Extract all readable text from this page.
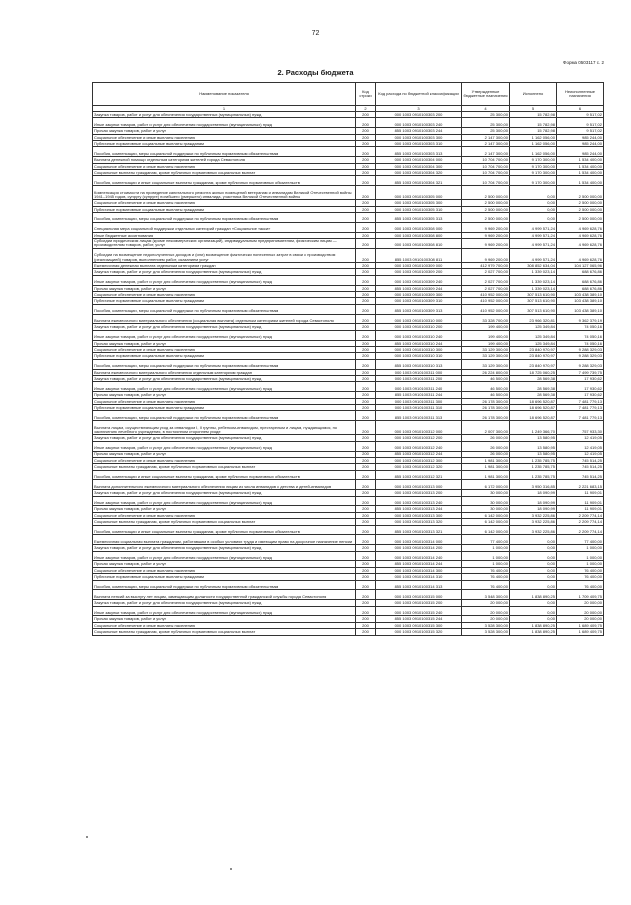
72
Форма 0503117 с. 2
2. Расходы бюджета
Наименование показателя	Код строки	Код расхода по бюджетной классификации	Утвержденные бюджетные назначения	Исполнено	Неисполненные назначения
1	2	3	4	5	6
Закупка товаров, работ и услуг для обеспечения государственных (муниципальных) нужд	200	000 1003 0910100303 200	25 300,00	15 782,98	9 517,02
Иные закупки товаров, работ и услуг для обеспечения государственных (муниципальных) нужд	200	000 1003 0910100303 240	25 300,00	15 782,98	9 517,02
Прочая закупка товаров, работ и услуг	200	855 1003 0910100303 244	25 300,00	15 782,98	9 517,02
Социальное обеспечение и иные выплаты населению	200	000 1003 0910100303 300	2 147 300,00	1 162 056,00	985 244,00
Публичные нормативные социальные выплаты гражданам	200	000 1003 0910100303 310	2 147 300,00	1 162 056,00	985 244,00
Пособия, компенсации, меры социальной поддержки по публичным нормативным обязательствам	200	855 1003 0910100303 313	2 147 300,00	1 162 056,00	985 244,00
Выплата денежной помощи отдельным категориям жителей города Севастополя	200	000 1003 0910100304 000	10 704 700,00	9 170 300,00	1 534 400,00
Социальное обеспечение и иные выплаты населению	200	000 1003 0910100304 300	10 704 700,00	9 170 300,00	1 534 400,00
Социальные выплаты гражданам, кроме публичных нормативных социальных выплат	200	000 1003 0910100304 320	10 704 700,00	9 170 300,00	1 534 400,00
Пособия, компенсации и иные социальные выплаты гражданам, кроме публичных нормативных обязательств	200	855 1003 0910100304 321	10 704 700,00	9 170 300,00	1 534 400,00
Компенсация стоимости на проведение капитального ремонта жилых помещений ветеранам и инвалидам Великой Отечественной войны 1941–1945 годов, супругу (супруге) погибшего (умершего) инвалида, участника Великой Отечественной войны	200	000 1003 0910100305 000	2 500 000,00	0,00	2 500 000,00
Социальное обеспечение и иные выплаты населению	200	000 1003 0910100305 300	2 500 000,00	0,00	2 500 000,00
Публичные нормативные социальные выплаты гражданам	200	000 1003 0910100305 310	2 500 000,00	0,00	2 500 000,00
Пособия, компенсации, меры социальной поддержки по публичным нормативным обязательствам	200	855 1003 0910100305 313	2 500 000,00	0,00	2 500 000,00
Специальная мера социальной поддержки отдельных категорий граждан «Социальное такси»	200	000 1003 0910100308 000	9 969 200,00	4 999 571,24	4 969 628,76
Иные бюджетные ассигнования	200	000 1003 0910100308 800	9 969 200,00	4 999 571,24	4 969 628,76
Субсидии юридическим лицам (кроме некоммерческих организаций), индивидуальным предпринимателям, физическим лицам — производителям товаров, работ, услуг	200	000 1003 0910100308 810	9 969 200,00	4 999 571,24	4 969 628,76
Субсидии на возмещение недополученных доходов и (или) возмещение фактически понесенных затрат в связи с производством (реализацией) товаров, выполнением работ, оказанием услуг	200	855 1003 0910100308 811	9 969 200,00	4 999 571,24	4 969 628,76
Ежемесячная денежная выплата отдельным категориям граждан	200	000 1003 0910100309 000	412 979 700,00	308 852 634,04	104 127 065,96
Закупка товаров, работ и услуг для обеспечения государственных (муниципальных) нужд	200	000 1003 0910100309 200	2 027 700,00	1 339 023,14	688 676,86
Иные закупки товаров, работ и услуг для обеспечения государственных (муниципальных) нужд	200	000 1003 0910100309 240	2 027 700,00	1 339 023,14	688 676,86
Прочая закупка товаров, работ и услуг	200	855 1003 0910100309 244	2 027 700,00	1 339 023,14	688 676,86
Социальное обеспечение и иные выплаты населению	200	000 1003 0910100309 300	410 952 000,00	307 513 610,90	103 438 389,10
Публичные нормативные социальные выплаты гражданам	200	000 1003 0910100309 310	410 952 000,00	307 513 610,90	103 438 389,10
Пособия, компенсации, меры социальной поддержки по публичным нормативным обязательствам	200	855 1003 0910100309 313	410 952 000,00	307 513 610,90	103 438 389,10
Выплата ежемесячного материального обеспечения (социальная выплата) отдельным категориям жителей города Севастополя	200	000 1003 0910100310 000	33 328 700,00	23 966 320,81	9 362 379,19
Закупка товаров, работ и услуг для обеспечения государственных (муниципальных) нужд	200	000 1003 0910100310 200	199 400,00	125 349,84	74 050,16
Иные закупки товаров, работ и услуг для обеспечения государственных (муниципальных) нужд	200	000 1003 0910100310 240	199 400,00	125 349,84	74 050,16
Прочая закупка товаров, работ и услуг	200	855 1003 0910100310 244	199 400,00	125 349,84	74 050,16
Социальное обеспечение и иные выплаты населению	200	000 1003 0910100310 300	33 129 300,00	23 840 970,97	9 288 329,03
Публичные нормативные социальные выплаты гражданам	200	000 1003 0910100310 310	33 129 300,00	23 840 970,97	9 288 329,03
Пособия, компенсации, меры социальной поддержки по публичным нормативным обязательствам	200	855 1003 0910100310 313	33 129 300,00	23 840 970,97	9 288 329,03
Выплата ежемесячного материального обеспечения отдельным категориям граждан	200	000 1003 0910100311 000	26 224 800,00	18 725 060,25	7 499 739,75
Закупка товаров, работ и услуг для обеспечения государственных (муниципальных) нужд	200	000 1003 0910100311 200	46 500,00	28 569,38	17 930,62
Иные закупки товаров, работ и услуг для обеспечения государственных (муниципальных) нужд	200	000 1003 0910100311 240	46 500,00	28 569,38	17 930,62
Прочая закупка товаров, работ и услуг	200	855 1003 0910100311 244	46 500,00	28 569,38	17 930,62
Социальное обеспечение и иные выплаты населению	200	000 1003 0910100311 300	26 178 300,00	18 696 520,87	7 481 779,13
Публичные нормативные социальные выплаты гражданам	200	000 1003 0910100311 310	26 178 300,00	18 696 520,87	7 481 779,13
Пособия, компенсации, меры социальной поддержки по публичным нормативным обязательствам	200	855 1003 0910100311 313	26 178 300,00	18 696 520,87	7 481 779,13
Выплата лицам, осуществляющим уход за инвалидом I, II группы, ребенком-инвалидом, престарелым и лицам, нуждающимся, по заключению лечебного учреждения, в постоянном стороннем уходе	200	000 1003 0910100312 000	2 007 300,00	1 249 366,70	757 933,30
Закупка товаров, работ и услуг для обеспечения государственных (муниципальных) нужд	200	000 1003 0910100312 200	26 000,00	13 580,95	12 419,05
Иные закупки товаров, работ и услуг для обеспечения государственных (муниципальных) нужд	200	000 1003 0910100312 240	26 000,00	13 580,95	12 419,05
Прочая закупка товаров, работ и услуг	200	855 1003 0910100312 244	26 000,00	13 580,95	12 419,05
Социальное обеспечение и иные выплаты населению	200	000 1003 0910100312 300	1 981 300,00	1 235 785,75	745 514,25
Социальные выплаты гражданам, кроме публичных нормативных социальных выплат	200	000 1003 0910100312 320	1 981 300,00	1 235 785,75	745 514,25
Пособия, компенсации и иные социальные выплаты гражданам, кроме публичных нормативных обязательств	200	855 1003 0910100312 321	1 981 300,00	1 235 785,75	745 514,25
Выплата дополнительного ежемесячного материального обеспечения лицам из числа инвалидов с детства и детей-инвалидов	200	000 1003 0910100313 000	6 172 000,00	3 950 316,85	2 221 683,15
Закупка товаров, работ и услуг для обеспечения государственных (муниципальных) нужд	200	000 1003 0910100313 200	30 000,00	18 090,99	11 909,01
Иные закупки товаров, работ и услуг для обеспечения государственных (муниципальных) нужд	200	000 1003 0910100313 240	30 000,00	18 090,99	11 909,01
Прочая закупка товаров, работ и услуг	200	855 1003 0910100313 244	30 000,00	18 090,99	11 909,01
Социальное обеспечение и иные выплаты населению	200	000 1003 0910100313 300	6 142 000,00	3 932 225,86	2 209 774,14
Социальные выплаты гражданам, кроме публичных нормативных социальных выплат	200	000 1003 0910100313 320	6 142 000,00	3 932 225,86	2 209 774,14
Пособия, компенсации и иные социальные выплаты гражданам, кроме публичных нормативных обязательств	200	855 1003 0910100313 321	6 142 000,00	3 932 225,86	2 209 774,14
Ежемесячная социальная выплата гражданам, работавшим в особых условиях труда и имеющим право на досрочное назначение пенсии	200	000 1003 0910100314 000	77 400,00	0,00	77 400,00
Закупка товаров, работ и услуг для обеспечения государственных (муниципальных) нужд	200	000 1003 0910100314 200	1 000,00	0,00	1 000,00
Иные закупки товаров, работ и услуг для обеспечения государственных (муниципальных) нужд	200	000 1003 0910100314 240	1 000,00	0,00	1 000,00
Прочая закупка товаров, работ и услуг	200	855 1003 0910100314 244	1 000,00	0,00	1 000,00
Социальное обеспечение и иные выплаты населению	200	000 1003 0910100314 300	76 400,00	0,00	76 400,00
Публичные нормативные социальные выплаты гражданам	200	000 1003 0910100314 310	76 400,00	0,00	76 400,00
Пособия, компенсации, меры социальной поддержки по публичным нормативным обязательствам	200	855 1003 0910100314 313	76 400,00	0,00	76 400,00
Выплата пенсий за выслугу лет лицам, замещающим должности государственной гражданской службы города Севастополя	200	000 1003 0910100315 000	3 548 300,00	1 838 890,25	1 709 409,75
Закупка товаров, работ и услуг для обеспечения государственных (муниципальных) нужд	200	000 1003 0910100315 200	20 000,00	0,00	20 000,00
Иные закупки товаров, работ и услуг для обеспечения государственных (муниципальных) нужд	200	000 1003 0910100315 240	20 000,00	0,00	20 000,00
Прочая закупка товаров, работ и услуг	200	855 1003 0910100315 244	20 000,00	0,00	20 000,00
Социальное обеспечение и иные выплаты населению	200	000 1003 0910100315 300	3 528 300,00	1 838 890,25	1 689 409,75
Социальные выплаты гражданам, кроме публичных нормативных социальных выплат	200	000 1003 0910100315 320	3 528 300,00	1 838 890,25	1 689 409,75
